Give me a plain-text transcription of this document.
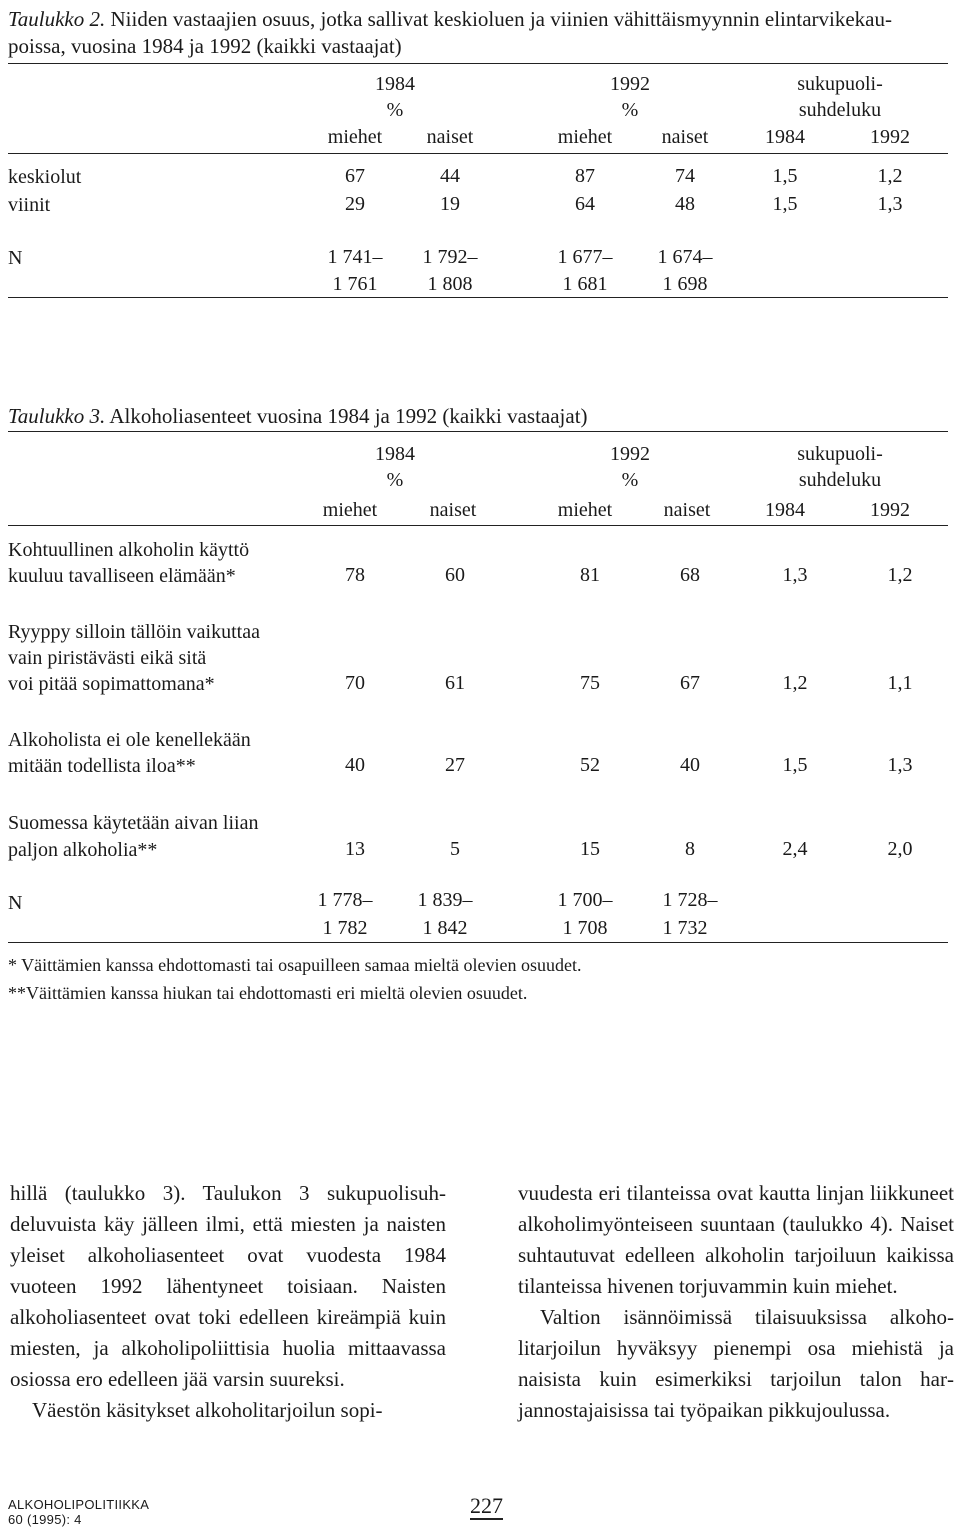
Taulukko 2. Niiden vastaajien osuus, jotka sallivat keskioluen ja viinien vähittäismyynnin elintarvikekau-
poissa, vuosina 1984 ja 1992 (kaikki vastaajat)
1984
%
1992
%
sukupuoli-
suhdeluku
miehet	naiset	miehet	naiset	1984	1992
keskiolut	67	44	87	74	1,5	1,2
viinit	29	19	64	48	1,5	1,3
N	1 741–	1 792–	1 677–	1 674–
1 761	1 808	1 681	1 698
Taulukko 3. Alkoholiasenteet vuosina 1984 ja 1992 (kaikki vastaajat)
1984
%
1992
%
sukupuoli-
suhdeluku
miehet	naiset	miehet	naiset	1984	1992
Kohtuullinen alkoholin käyttö
kuuluu tavalliseen elämään*	78	60	81	68	1,3	1,2
Ryyppy silloin tällöin vaikuttaa
vain piristävästi eikä sitä
voi pitää sopimattomana*	70	61	75	67	1,2	1,1
Alkoholista ei ole kenellekään
mitään todellista iloa**	40	27	52	40	1,5	1,3
Suomessa käytetään aivan liian
paljon alkoholia**	13	5	15	8	2,4	2,0
N	1 778–	1 839–	1 700–	1 728–
1 782	1 842	1 708	1 732
* Väittämien kanssa ehdottomasti tai osapuilleen samaa mieltä olevien osuudet.
**Väittämien kanssa hiukan tai ehdottomasti eri mieltä olevien osuudet.

hillä (taulukko 3). Taulukon 3 sukupuolisuhdeluvuista käy jälleen ilmi, että miesten ja naisten yleiset alkoholiasenteet ovat vuodesta 1984 vuoteen 1992 lähentyneet toisiaan. Naisten alkoholiasenteet ovat toki edelleen kireämpiä kuin miesten, ja alkoholipoliittisia huolia mittaavassa osiossa ero edelleen jää varsin suureksi.

Väestön käsitykset alkoholitarjoilun sopi-

vuudesta eri tilanteissa ovat kautta linjan liikkuneet alkoholimyönteiseen suuntaan (taulukko 4). Naiset suhtautuvat edelleen alkoholin tarjoiluun kaikissa tilanteissa hivenen torjuvammin kuin miehet.

Valtion isännöimissä tilaisuuksissa alkoholitarjoilun hyväksyy pienempi osa miehistä ja naisista kuin esimerkiksi tarjoilun talon harjannostajaisissa tai työpaikan pikkujoulussa.

ALKOHOLIPOLITIIKKA
60 (1995): 4
227
